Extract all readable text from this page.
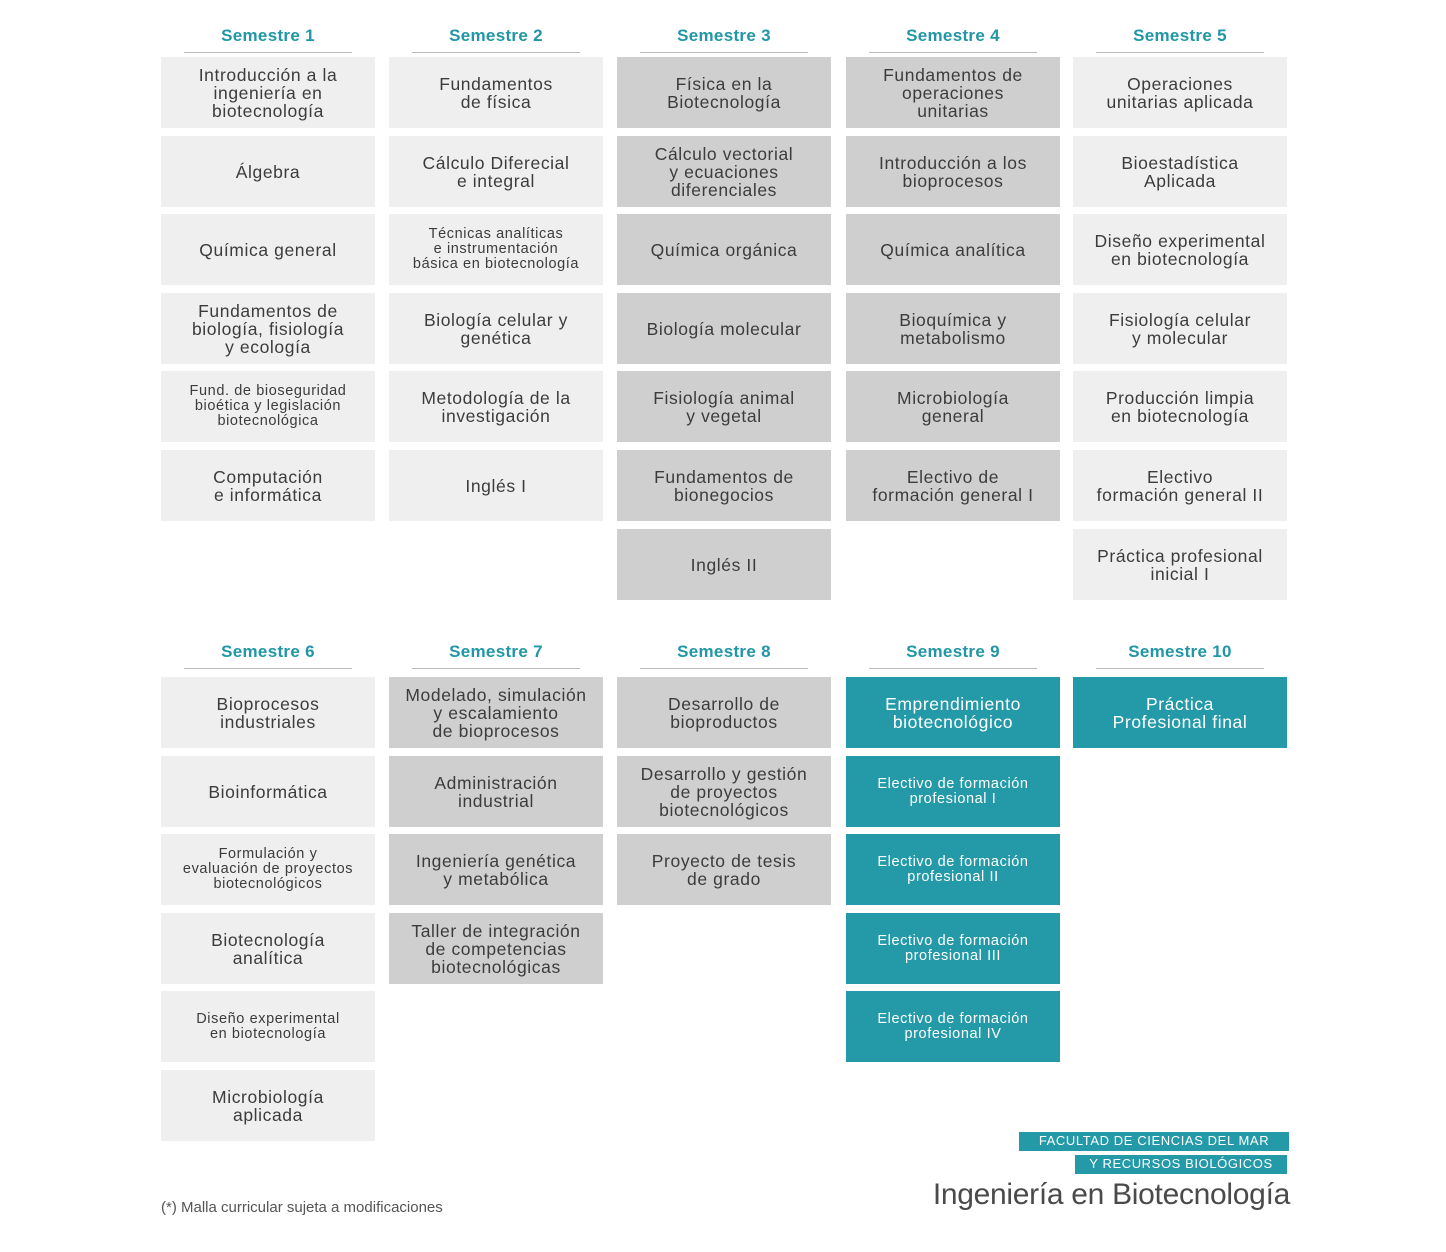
Semestre 1
Introducción a la
ingeniería en
biotecnología
Álgebra
Química general
Fundamentos de
biología, fisiología
y ecología
Fund. de bioseguridad
bioética y legislación
biotecnológica
Computación
e informática
Semestre 2
Fundamentos
de física
Cálculo Diferecial
e integral
Técnicas analíticas
e instrumentación
básica en biotecnología
Biología celular y
genética
Metodología de la
investigación
Inglés I
Semestre 3
Física en la
Biotecnología
Cálculo vectorial
y ecuaciones
diferenciales
Química orgánica
Biología molecular
Fisiología animal
y vegetal
Fundamentos de
bionegocios
Inglés II
Semestre 4
Fundamentos de
operaciones
unitarias
Introducción a los
bioprocesos
Química analítica
Bioquímica y
metabolismo
Microbiología
general
Electivo de
formación general I
Semestre 5
Operaciones
unitarias aplicada
Bioestadística
Aplicada
Diseño experimental
en biotecnología
Fisiología celular
y molecular
Producción limpia
en biotecnología
Electivo
formación general II
Práctica profesional
inicial I
Semestre 6
Bioprocesos
industriales
Bioinformática
Formulación y
evaluación de proyectos
biotecnológicos
Biotecnología
analítica
Diseño experimental
en biotecnología
Microbiología
aplicada
Semestre 7
Modelado, simulación
y escalamiento
de bioprocesos
Administración
industrial
Ingeniería genética
y metabólica
Taller de integración
de competencias
biotecnológicas
Semestre 8
Desarrollo de
bioproductos
Desarrollo y gestión
de proyectos
biotecnológicos
Proyecto de tesis
de grado
Semestre 9
Emprendimiento
biotecnológico
Electivo de formación
profesional I
Electivo de formación
profesional II
Electivo de formación
profesional III
Electivo de formación
profesional IV
Semestre 10
Práctica
Profesional final
FACULTAD DE CIENCIAS DEL MAR
Y RECURSOS BIOLÓGICOS
Ingeniería en Biotecnología
(*) Malla curricular sujeta a modificaciones
